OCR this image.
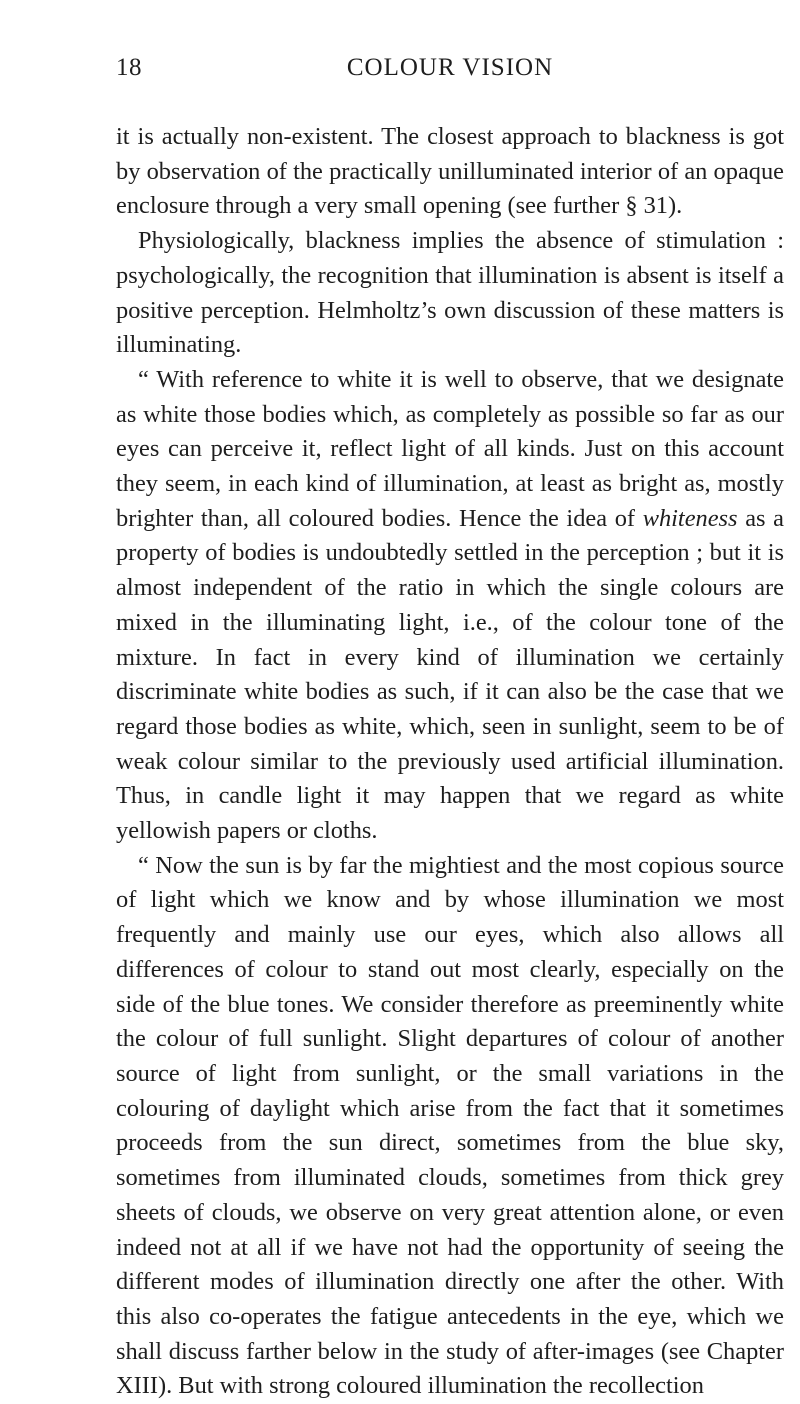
18	COLOUR VISION

it is actually non-existent. The closest approach to blackness is got by observation of the practically unilluminated interior of an opaque enclosure through a very small opening (see further § 31).

Physiologically, blackness implies the absence of stimulation : psychologically, the recognition that illumination is absent is itself a positive perception. Helmholtz’s own discussion of these matters is illuminating.

“ With reference to white it is well to observe, that we designate as white those bodies which, as completely as possible so far as our eyes can perceive it, reflect light of all kinds. Just on this account they seem, in each kind of illumination, at least as bright as, mostly brighter than, all coloured bodies. Hence the idea of whiteness as a property of bodies is undoubtedly settled in the perception ; but it is almost independent of the ratio in which the single colours are mixed in the illuminating light, i.e., of the colour tone of the mixture. In fact in every kind of illumination we certainly discriminate white bodies as such, if it can also be the case that we regard those bodies as white, which, seen in sunlight, seem to be of weak colour similar to the previously used artificial illumination. Thus, in candle light it may happen that we regard as white yellowish papers or cloths.

“ Now the sun is by far the mightiest and the most copious source of light which we know and by whose illumination we most frequently and mainly use our eyes, which also allows all differences of colour to stand out most clearly, especially on the side of the blue tones. We consider therefore as preeminently white the colour of full sunlight. Slight departures of colour of another source of light from sunlight, or the small variations in the colouring of daylight which arise from the fact that it sometimes proceeds from the sun direct, sometimes from the blue sky, sometimes from illuminated clouds, sometimes from thick grey sheets of clouds, we observe on very great attention alone, or even indeed not at all if we have not had the opportunity of seeing the different modes of illumination directly one after the other. With this also co-operates the fatigue antecedents in the eye, which we shall discuss farther below in the study of after-images (see Chapter XIII). But with strong coloured illumination the recollection
